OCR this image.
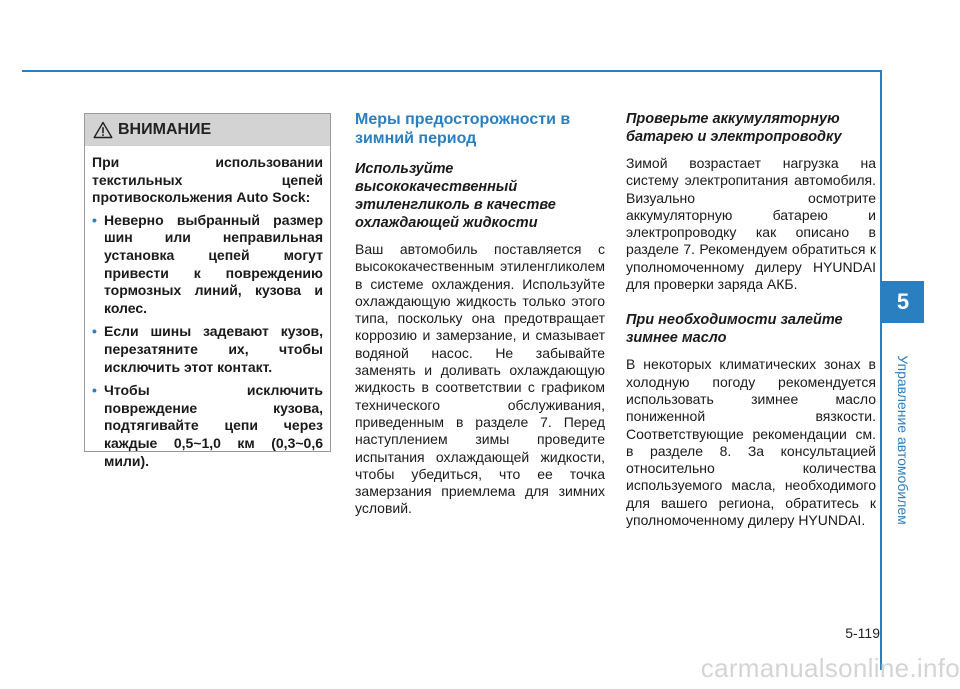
ВНИМАНИЕ

При использовании текстильных цепей противоскольжения Auto Sock:

• Неверно выбранный размер шин или неправильная установка цепей могут привести к повреждению тормозных линий, кузова и колес.
• Если шины задевают кузов, перезатяните их, чтобы исключить этот контакт.
• Чтобы исключить повреждение кузова, подтягивайте цепи через каждые 0,5~1,0 км (0,3~0,6 мили).
Меры предосторожности в зимний период
Используйте высококачественный этиленгликоль в качестве охлаждающей жидкости

Ваш автомобиль поставляется с высококачественным этиленгликолем в системе охлаждения. Используйте охлаждающую жидкость только этого типа, поскольку она предотвращает коррозию и замерзание, и смазывает водяной насос. Не забывайте заменять и доливать охлаждающую жидкость в соответствии с графиком технического обслуживания, приведенным в разделе 7. Перед наступлением зимы проведите испытания охлаждающей жидкости, чтобы убедиться, что ее точка замерзания приемлема для зимних условий.

Проверьте аккумуляторную батарею и электропроводку

Зимой возрастает нагрузка на систему электропитания автомобиля. Визуально осмотрите аккумуляторную батарею и электропроводку как описано в разделе 7. Рекомендуем обратиться к уполномоченному дилеру HYUNDAI для проверки заряда АКБ.

При необходимости залейте зимнее масло

В некоторых климатических зонах в холодную погоду рекомендуется использовать зимнее масло пониженной вязкости. Соответствующие рекомендации см. в разделе 8. За консультацией относительно количества используемого масла, необходимого для вашего региона, обратитесь к уполномоченному дилеру HYUNDAI.

5
Управление автомобилем
5-119
carmanualsonline.info
